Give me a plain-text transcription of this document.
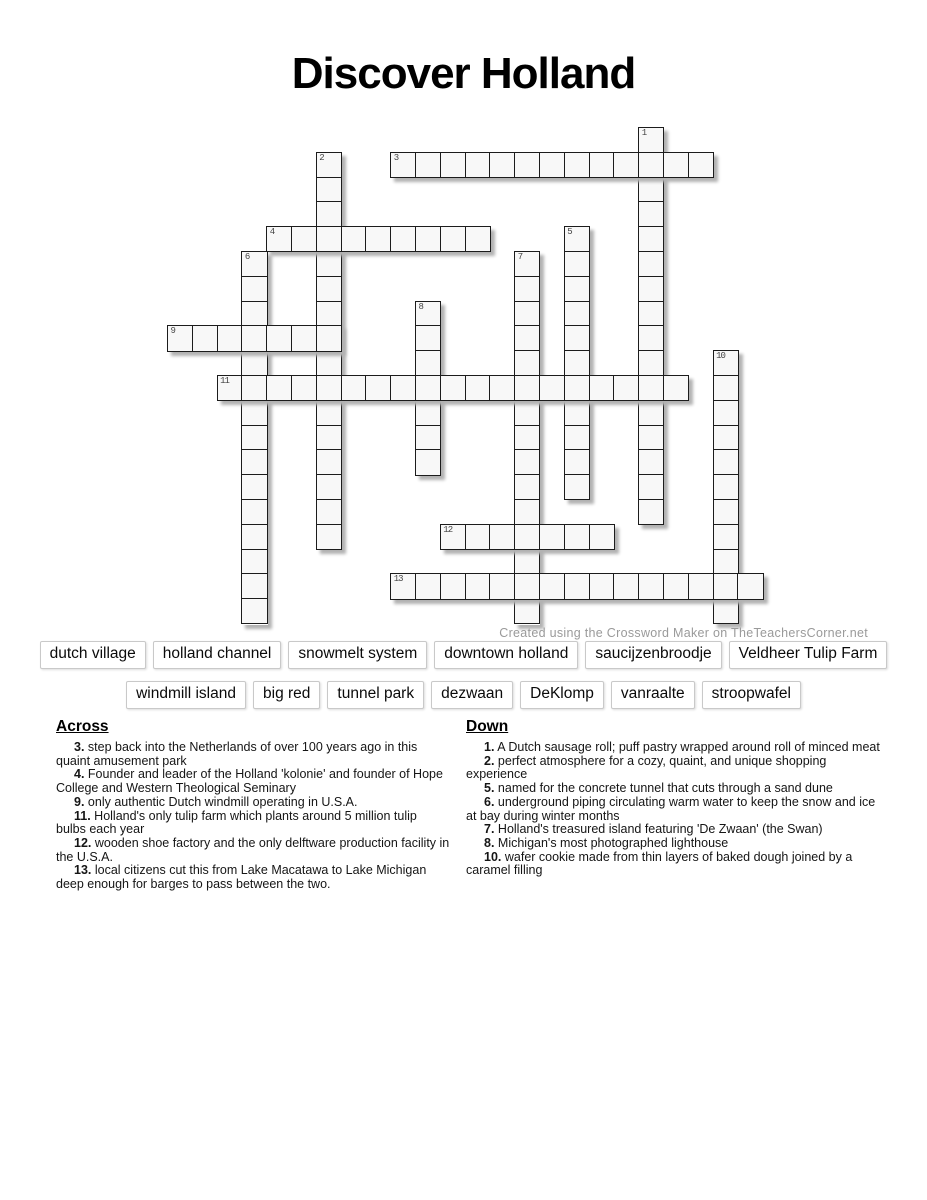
Discover Holland
1
2	3
4	5
6	7
8
9
10
11
12
13
Created using the Crossword Maker on TheTeachersCorner.net
dutch village	holland channel	snowmelt system	downtown holland	saucijzenbroodje	Veldheer Tulip Farm
windmill island	big red	tunnel park	dezwaan	DeKlomp	vanraalte	stroopwafel
Across

3. step back into the Netherlands of over 100 years ago in this quaint amusement park

4. Founder and leader of the Holland 'kolonie' and founder of Hope College and Western Theological Seminary

9. only authentic Dutch windmill operating in U.S.A.

11. Holland's only tulip farm which plants around 5 million tulip bulbs each year

12. wooden shoe factory and the only delftware production facility in the U.S.A.

13. local citizens cut this from Lake Macatawa to Lake Michigan deep enough for barges to pass between the two.

Down

1. A Dutch sausage roll; puff pastry wrapped around roll of minced meat

2. perfect atmosphere for a cozy, quaint, and unique shopping experience

5. named for the concrete tunnel that cuts through a sand dune

6. underground piping circulating warm water to keep the snow and ice at bay during winter months

7. Holland's treasured island featuring 'De Zwaan' (the Swan)

8. Michigan's most photographed lighthouse

10. wafer cookie made from thin layers of baked dough joined by a caramel filling
